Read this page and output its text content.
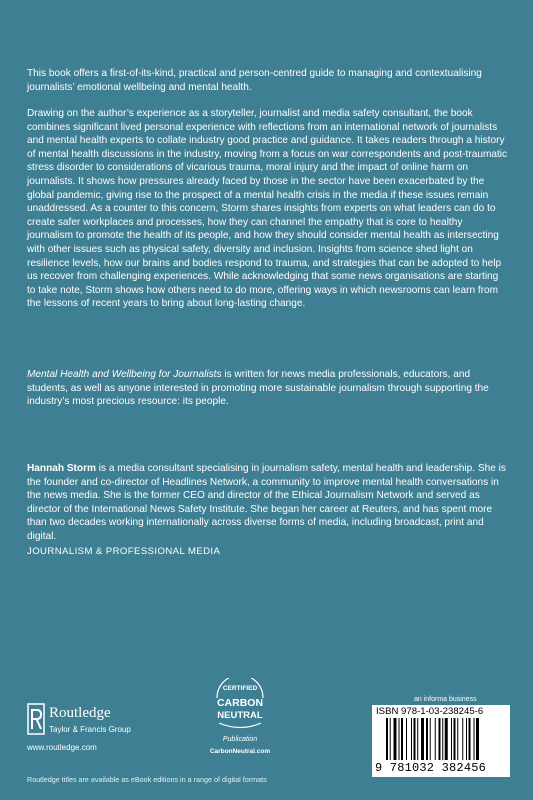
This book offers a first-of-its-kind, practical and person-centred guide to managing and contextualising journalists’ emotional wellbeing and mental health.

Drawing on the author’s experience as a storyteller, journalist and media safety consultant, the book combines significant lived personal experience with reflections from an international network of journalists and mental health experts to collate industry good practice and guidance. It takes readers through a history of mental health discussions in the industry, moving from a focus on war correspondents and post-traumatic stress disorder to considerations of vicarious trauma, moral injury and the impact of online harm on journalists. It shows how pressures already faced by those in the sector have been exacerbated by the global pandemic, giving rise to the prospect of a mental health crisis in the media if these issues remain unaddressed. As a counter to this concern, Storm shares insights from experts on what leaders can do to create safer workplaces and processes, how they can channel the empathy that is core to healthy journalism to promote the health of its people, and how they should consider mental health as intersecting with other issues such as physical safety, diversity and inclusion. Insights from science shed light on resilience levels, how our brains and bodies respond to trauma, and strategies that can be adopted to help us recover from challenging experiences. While acknowledging that some news organisations are starting to take note, Storm shows how others need to do more, offering ways in which newsrooms can learn from the lessons of recent years to bring about long-lasting change.

Mental Health and Wellbeing for Journalists is written for news media professionals, educators, and students, as well as anyone interested in promoting more sustainable journalism through supporting the industry’s most precious resource: its people.

Hannah Storm is a media consultant specialising in journalism safety, mental health and leadership. She is the founder and co-director of Headlines Network, a community to improve mental health conversations in the news media. She is the former CEO and director of the Ethical Journalism Network and served as director of the International News Safety Institute. She began her career at Reuters, and has spent more than two decades working internationally across diverse forms of media, including broadcast, print and digital.

JOURNALISM & PROFESSIONAL MEDIA

Routledge
Taylor & Francis Group
www.routledge.com
CERTIFIED
CARBON
NEUTRAL
Publication
CarbonNeutral.com
an informa business
ISBN 978-1-03-238245-6
9 781032 382456
Routledge titles are available as eBook editions in a range of digital formats
